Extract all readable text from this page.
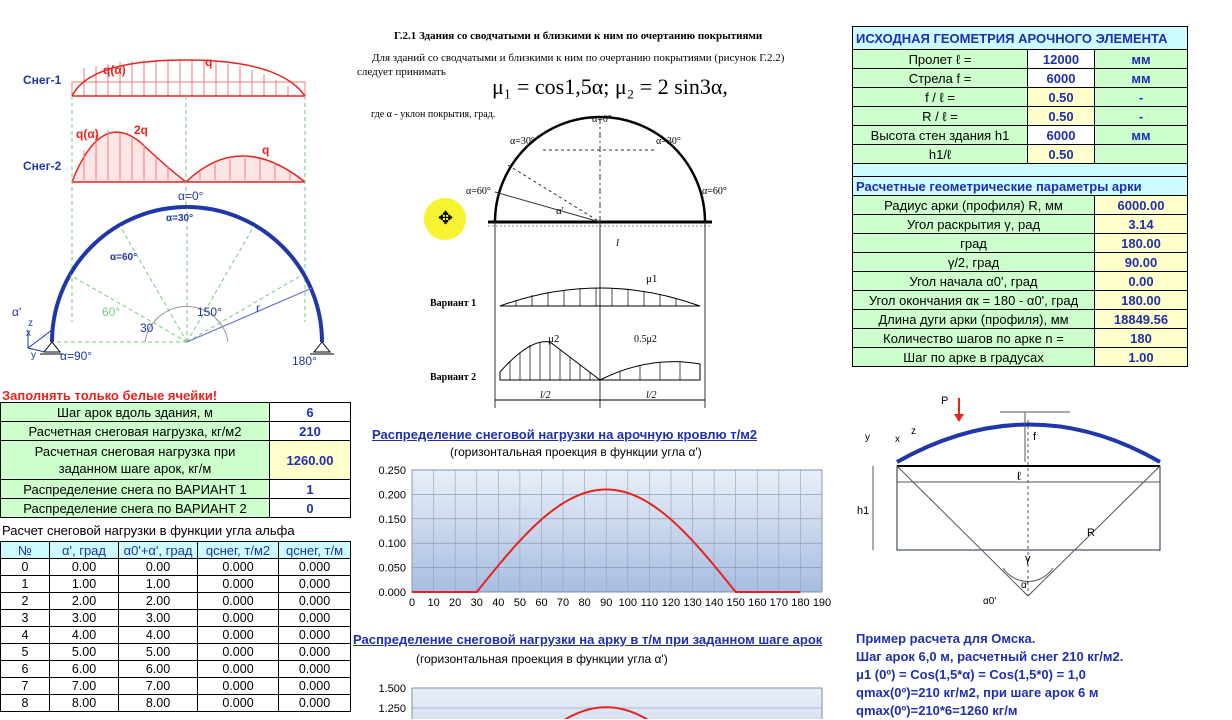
Снег-1
q(α)
q
Снег-2
q(α)	2q
q
z
x
y
α=0°
α=30°
α=60°
α'	60°
30
150°	r
α=90°	180°
Заполнять только белые ячейки!
Шаг арок вдоль здания, м	6
Расчетная снеговая нагрузка, кг/м2	210
Расчетная снеговая нагрузка при заданном шаге арок, кг/м	1260.00
Распределение снега по ВАРИАНТ 1	1
Распределение снега по ВАРИАНТ 2	0
Расчет снеговой нагрузки в функции угла альфа
№	α', град	α0'+α', град	qснег, т/м2	qснег, т/м
0	0.00	0.00	0.000	0.000
1	1.00	1.00	0.000	0.000
2	2.00	2.00	0.000	0.000
3	3.00	3.00	0.000	0.000
4	4.00	4.00	0.000	0.000
5	5.00	5.00	0.000	0.000
6	6.00	6.00	0.000	0.000
7	7.00	7.00	0.000	0.000
8	8.00	8.00	0.000	0.000
Г.2.1 Здания со сводчатыми и близкими к ним по очертанию покрытиями
Для зданий со сводчатыми и близкими к ним по очертанию покрытиями (рисунок Г.2.2)
следует принимать
μ₁ = cos1,5α; μ₂ = 2 sin3α,
где α - уклон покрытия, град.	α=0°
α=30°	α=30°
α=60°	α=60°
α'
l
Вариант 1
μ1
Вариант 2
μ2	0.5μ2
l/2	l/2
✥
ИСХОДНАЯ ГЕОМЕТРИЯ АРОЧНОГО ЭЛЕМЕНТА		
Пролет ℓ =	12000	мм
Стрела f =	6000	мм
f / ℓ =	0.50	-
R / ℓ =	0.50	-
Высота стен здания h1	6000	мм
h1/ℓ	0.50	

Расчетные геометрические параметры арки		
Радиус арки (профиля) R, мм		6000.00
Угол раскрытия γ, рад		3.14
град		180.00
γ/2, град		90.00
Угол начала α0', град		0.00
Угол окончания αк = 180 - α0', град		180.00
Длина дуги арки (профиля), мм		18849.56
Количество шагов по арке n =		180
Шаг по арке в градусах		1.00
P
y	x
z	f
ℓ
h1
R
γ
α'
α0'
Пример расчета для Омска.
Шаг арок 6,0 м, расчетный снег 210 кг/м2.
μ1 (0º) = Cos(1,5*α) = Cos(1,5*0) = 1,0
qmax(0º)=210 кг/м2, при шаге арок 6 м
qmax(0º)=210*6=1260 кг/м
Распределение снеговой нагрузки на арочную кровлю т/м2
(горизонтальная проекция в функции угла α')
0.000
0.050
0.100
0.150
0.200
0.250
0 10 20 30 40 50 60 70 80 90 100 110 120 130 140 150 160 170 180 190
Распределение снеговой нагрузки на арку в т/м при заданном шаге арок
(горизонтальная проекция в функции угла α')
1.500
1.250
